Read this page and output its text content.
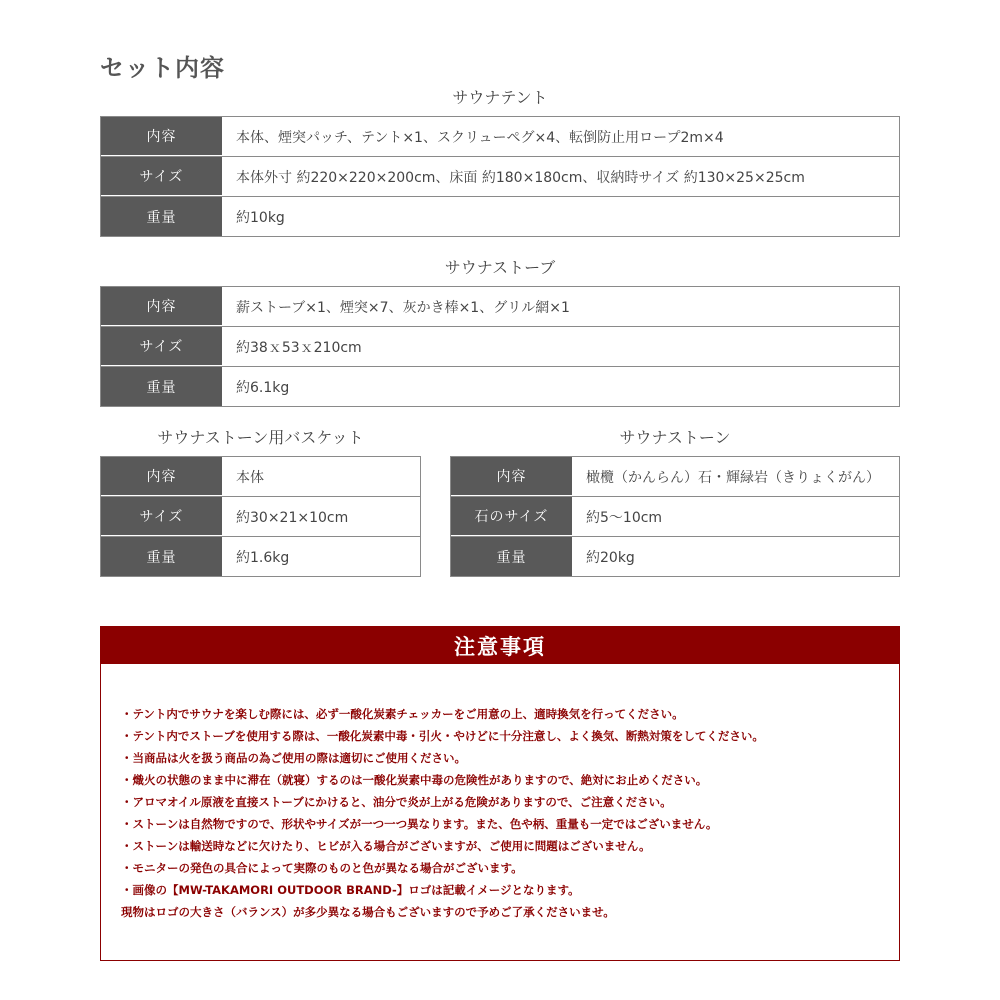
セット内容
サウナテント
内容	本体、煙突パッチ、テント×1、スクリューペグ×4、転倒防止用ロープ2m×4
サイズ	本体外寸 約220×220×200cm、床面 約180×180cm、収納時サイズ 約130×25×25cm
重量	約10kg
サウナストーブ
内容	薪ストーブ×1、煙突×7、灰かき棒×1、グリル網×1
サイズ	約38ｘ53ｘ210cm
重量	約6.1kg
サウナストーン用バスケット
内容	本体
サイズ	約30×21×10cm
重量	約1.6kg
サウナストーン
内容	橄欖（かんらん）石・輝緑岩（きりょくがん）
石のサイズ	約5〜10cm
重量	約20kg
注意事項
・テント内でサウナを楽しむ際には、必ず一酸化炭素チェッカーをご用意の上、適時換気を行ってください。
・テント内でストーブを使用する際は、一酸化炭素中毒・引火・やけどに十分注意し、よく換気、断熱対策をしてください。
・当商品は火を扱う商品の為ご使用の際は適切にご使用ください。
・熾火の状態のまま中に滞在（就寝）するのは一酸化炭素中毒の危険性がありますので、絶対にお止めください。
・アロマオイル原液を直接ストーブにかけると、油分で炎が上がる危険がありますので、ご注意ください。
・ストーンは自然物ですので、形状やサイズが一つ一つ異なります。また、色や柄、重量も一定ではございません。
・ストーンは輸送時などに欠けたり、ヒビが入る場合がございますが、ご使用に問題はございません。
・モニターの発色の具合によって実際のものと色が異なる場合がございます。
・画像の【MW-TAKAMORI OUTDOOR BRAND-】ロゴは記載イメージとなります。
現物はロゴの大きさ（バランス）が多少異なる場合もございますので予めご了承くださいませ。
